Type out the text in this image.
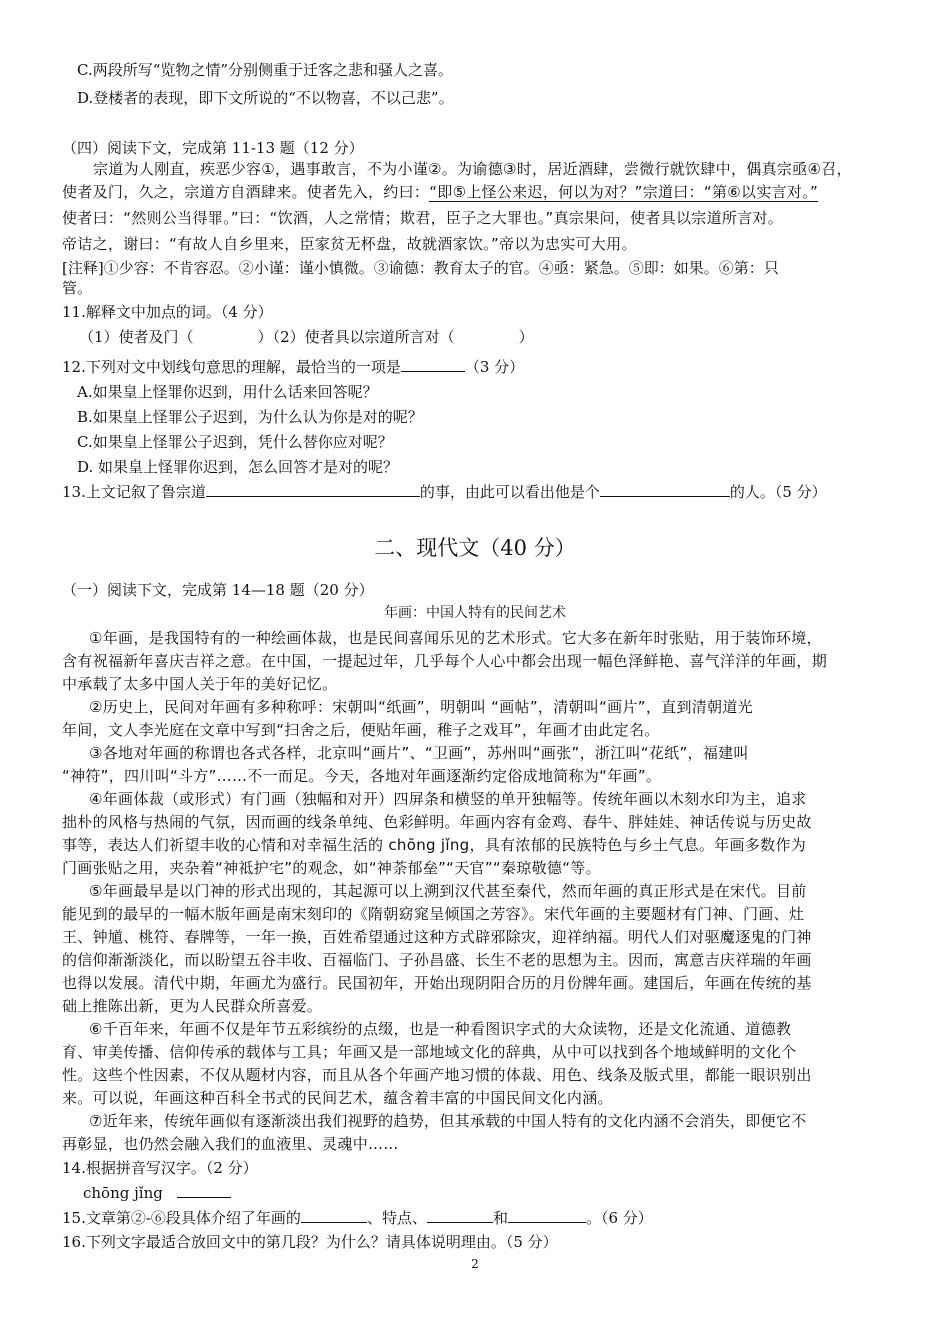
C.两段所写“览物之情”分别侧重于迁客之悲和骚人之喜。
D.登楼者的表现，即下文所说的“不以物喜，不以己悲”。
（四）阅读下文，完成第 11-13 题（12 分）
宗道为人刚直，疾恶少容①，遇事敢言，不为小谨②。为谕德③时，居近酒肆，尝微行就饮肆中，偶真宗亟④召，
使者及门，久之，宗道方自酒肆来。使者先入，约曰：“即⑤上怪公来迟，何以为对？”宗道曰：“第⑥以实言对。”
使者曰：“然则公当得罪。”曰：“饮酒，人之常情；欺君，臣子之大罪也。”真宗果问，使者具以宗道所言对。
帝诘之，谢曰：“有故人自乡里来，臣家贫无杯盘，故就酒家饮。”帝以为忠实可大用。
[注释]①少容：不肯容忍。②小谨：谨小慎微。③谕德：教育太子的官。④亟：紧急。⑤即：如果。⑥第：只
管。
11.解释文中加点的词。（4 分）
（1）使者及门（	）（2）使者具以宗道所言对（	）
12.下列对文中划线句意思的理解，最恰当的一项是	（3 分）
A.如果皇上怪罪你迟到，用什么话来回答呢？
B.如果皇上怪罪公子迟到，为什么认为你是对的呢？
C.如果皇上怪罪公子迟到，凭什么替你应对呢？
D. 如果皇上怪罪你迟到，怎么回答才是对的呢？
13.上文记叙了鲁宗道	的事，由此可以看出他是个	的人。（5 分）
二、现代文（40 分）
（一）阅读下文，完成第 14—18 题（20 分）
年画：中国人特有的民间艺术
①年画，是我国特有的一种绘画体裁，也是民间喜闻乐见的艺术形式。它大多在新年时张贴，用于装饰环境，
含有祝福新年喜庆吉祥之意。在中国，一提起过年，几乎每个人心中都会出现一幅色泽鲜艳、喜气洋洋的年画，期
中承载了太多中国人关于年的美好记忆。
②历史上，民间对年画有多种称呼：宋朝叫“纸画”，明朝叫 “画帖”，清朝叫“画片”，直到清朝道光
年间，文人李光庭在文章中写到“扫舍之后，便贴年画，稚子之戏耳”，年画才由此定名。
③各地对年画的称谓也各式各样，北京叫“画片”、“卫画”，苏州叫“画张”，浙江叫“花纸”，福建叫
“神符”，四川叫“斗方”……不一而足。今天，各地对年画逐渐约定俗成地简称为“年画”。
④年画体裁（或形式）有门画（独幅和对开）四屏条和横竖的单开独幅等。传统年画以木刻水印为主，追求
拙朴的风格与热闹的气氛，因而画的线条单纯、色彩鲜明。年画内容有金鸡、春牛、胖娃娃、神话传说与历史故
事等，表达人们祈望丰收的心情和对幸福生活的 chōng jǐng，具有浓郁的民族特色与乡土气息。年画多数作为
门画张贴之用，夹杂着“神祗护宅”的观念，如“神荼郁垒”“天官”“秦琼敬德“等。
⑤年画最早是以门神的形式出现的，其起源可以上溯到汉代甚至秦代，然而年画的真正形式是在宋代。目前
能见到的最早的一幅木版年画是南宋刻印的《隋朝窈窕呈倾国之芳容》。宋代年画的主要题材有门神、门画、灶
王、钟馗、桃符、春牌等，一年一换，百姓希望通过这种方式辟邪除灾，迎祥纳福。明代人们对驱魔逐鬼的门神
的信仰渐渐淡化，而以盼望五谷丰收、百福临门、子孙昌盛、长生不老的思想为主。因而，寓意吉庆祥瑞的年画
也得以发展。清代中期，年画尤为盛行。民国初年，开始出现阴阳合历的月份牌年画。建国后，年画在传统的基
础上推陈出新，更为人民群众所喜爱。
⑥千百年来，年画不仅是年节五彩缤纷的点缀，也是一种看图识字式的大众读物，还是文化流通、道德教
育、审美传播、信仰传承的载体与工具；年画又是一部地域文化的辞典，从中可以找到各个地域鲜明的文化个
性。这些个性因素，不仅从题材内容，而且从各个年画产地习惯的体裁、用色、线条及版式里，都能一眼识别出
来。可以说，年画这种百科全书式的民间艺术，蕴含着丰富的中国民间文化内涵。
⑦近年来，传统年画似有逐渐淡出我们视野的趋势，但其承载的中国人特有的文化内涵不会消失，即便它不
再彰显，也仍然会融入我们的血液里、灵魂中……
14.根据拼音写汉字。（2 分）
chōng jǐng
15.文章第②-⑥段具体介绍了年画的	、特点、	和	。（6 分）
16.下列文字最适合放回文中的第几段？为什么？请具体说明理由。（5 分）
2
